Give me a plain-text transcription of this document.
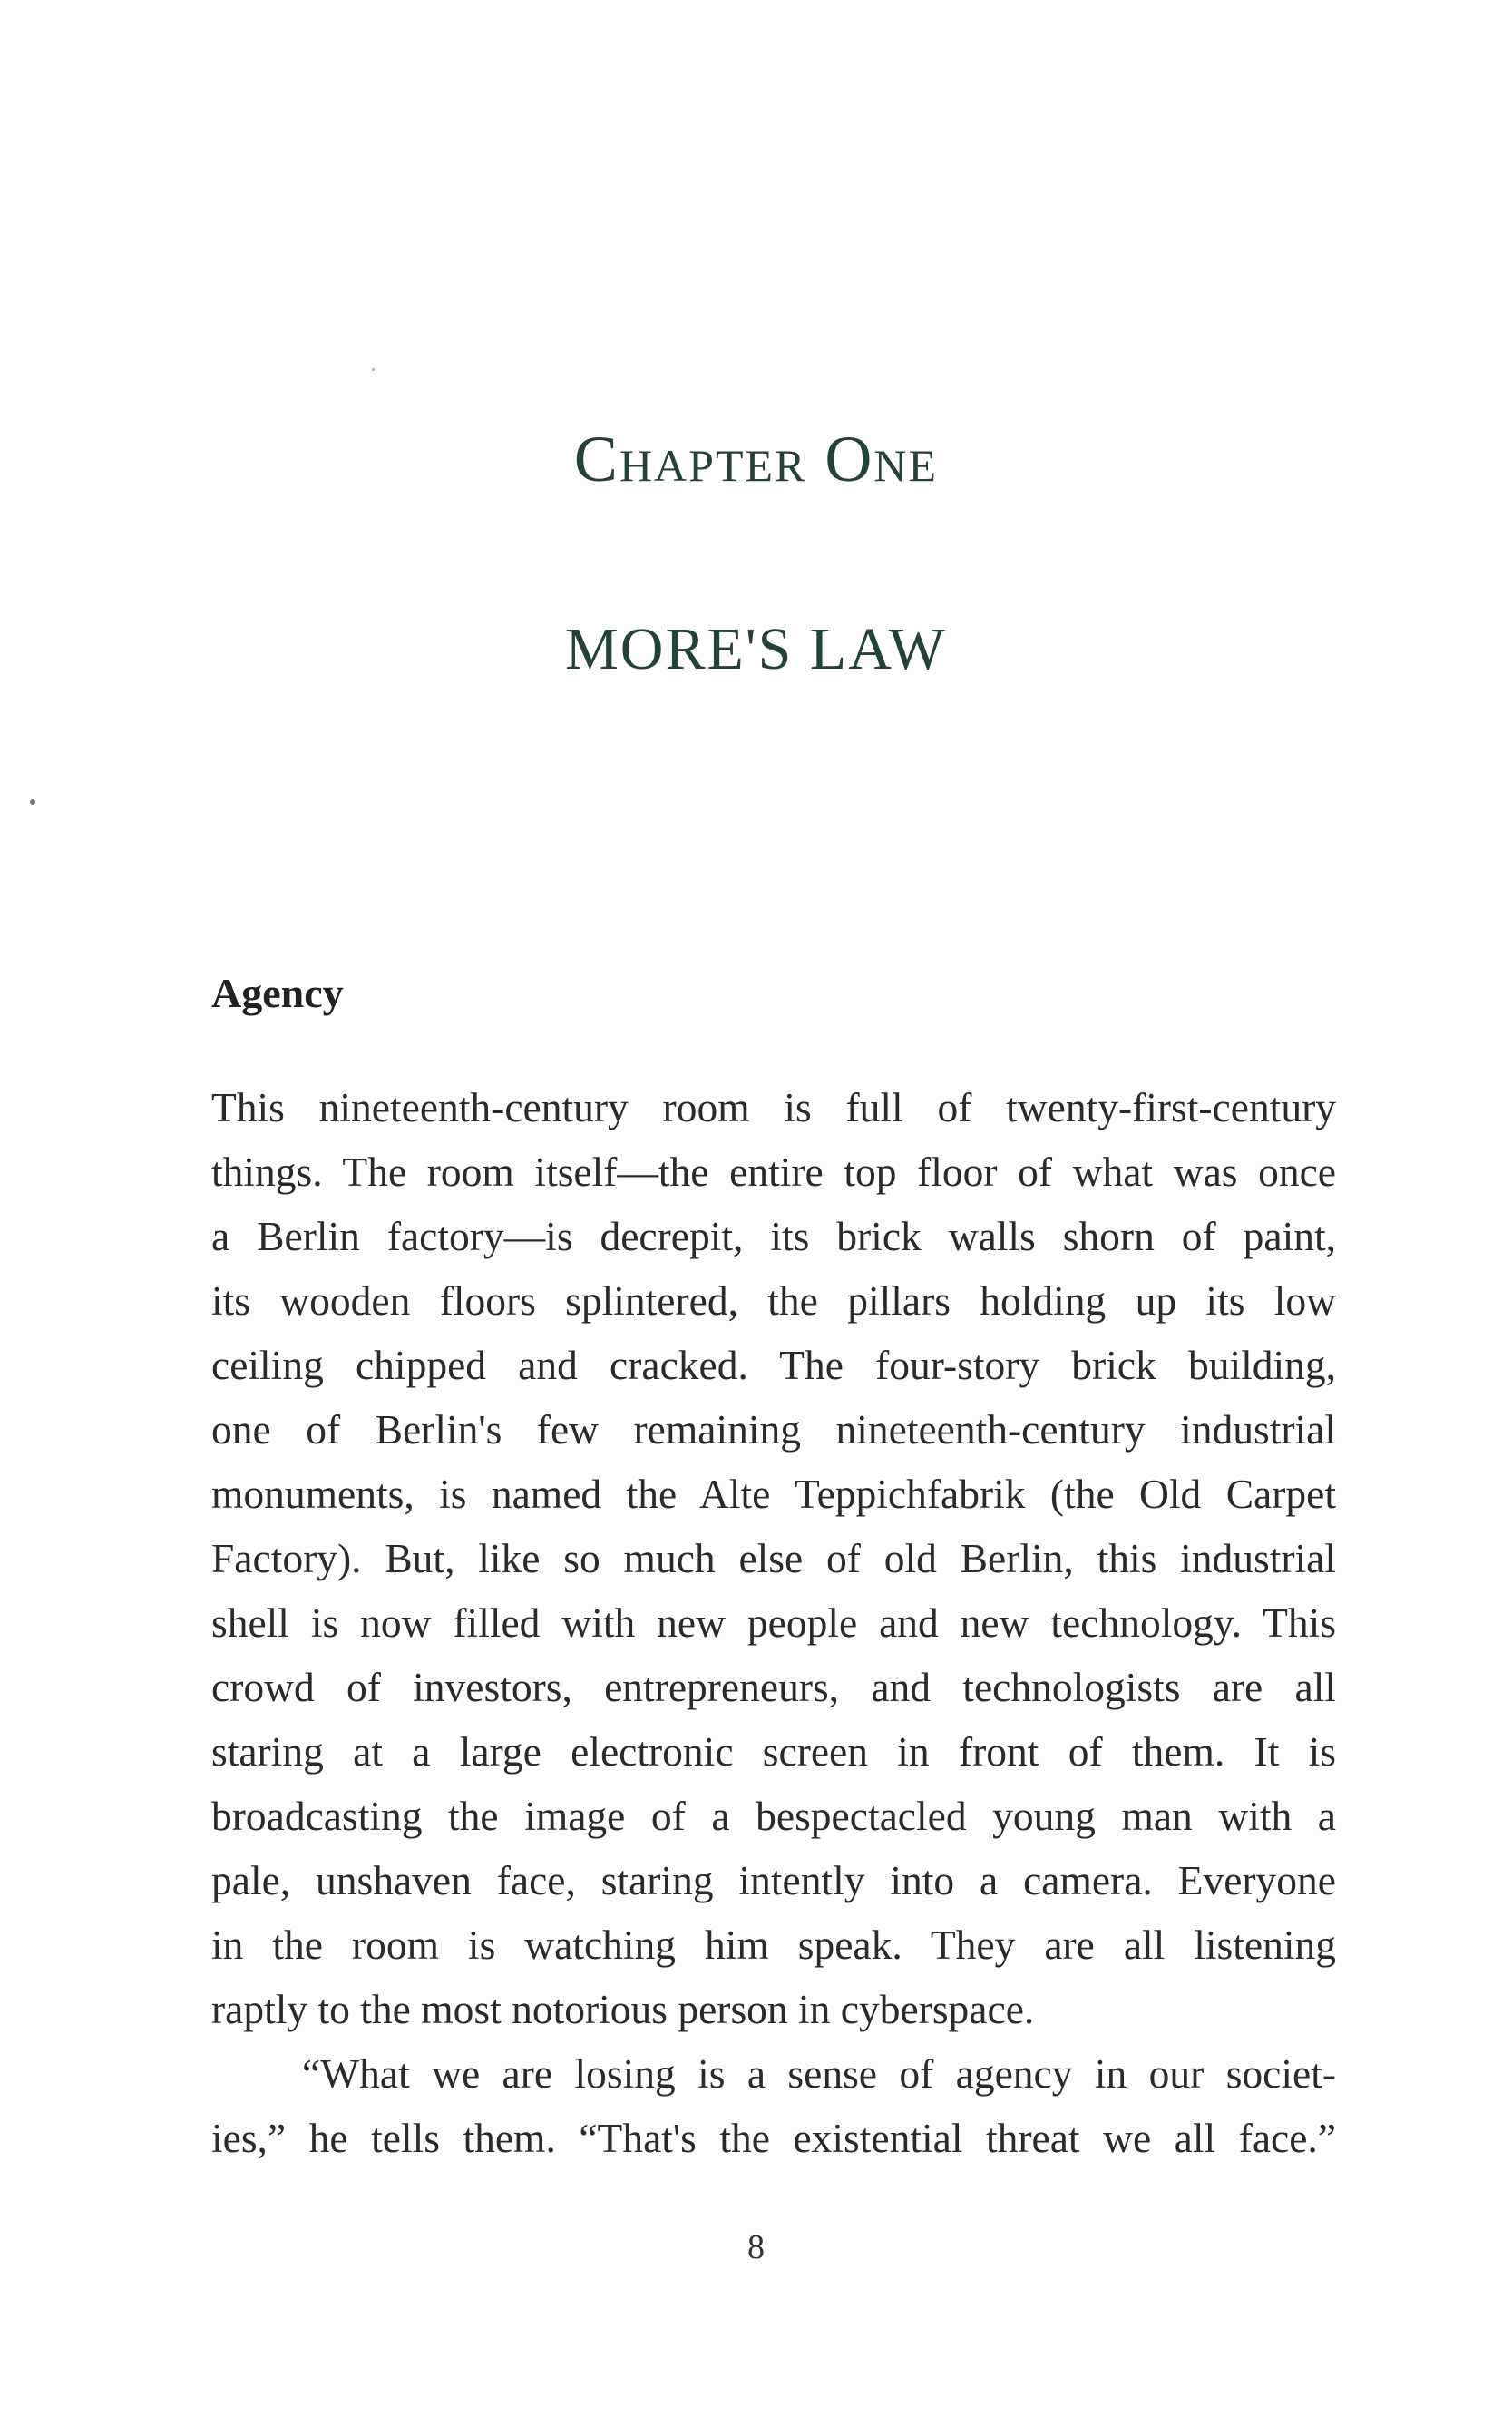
Chapter One
MORE'S LAW
Agency
This nineteenth-century room is full of twenty-first-century
things. The room itself—the entire top floor of what was once
a Berlin factory—is decrepit, its brick walls shorn of paint,
its wooden floors splintered, the pillars holding up its low
ceiling chipped and cracked. The four-story brick building,
one of Berlin's few remaining nineteenth-century industrial
monuments, is named the Alte Teppichfabrik (the Old Carpet
Factory). But, like so much else of old Berlin, this industrial
shell is now filled with new people and new technology. This
crowd of investors, entrepreneurs, and technologists are all
staring at a large electronic screen in front of them. It is
broadcasting the image of a bespectacled young man with a
pale, unshaven face, staring intently into a camera. Everyone
in the room is watching him speak. They are all listening
raptly to the most notorious person in cyberspace.
“What we are losing is a sense of agency in our societ-
ies,” he tells them. “That's the existential threat we all face.”
8
